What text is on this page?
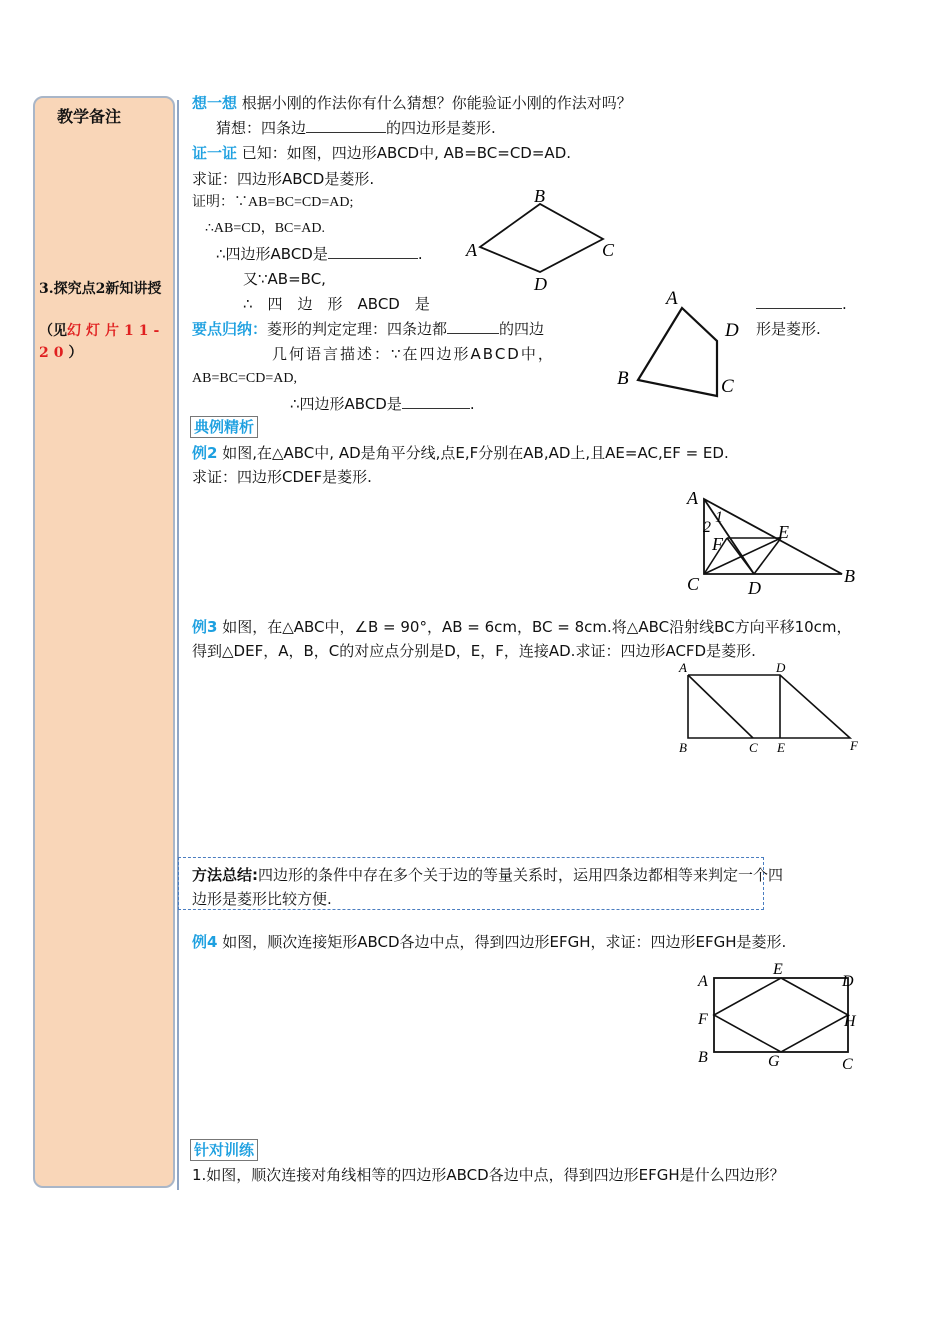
教学备注
3.探究点2新知讲授
（见幻灯片11-20）
想一想 根据小刚的作法你有什么猜想？你能验证小刚的作法对吗？
猜想：四条边	的四边形是菱形.
证一证 已知：如图，四边形ABCD中, AB=BC=CD=AD.
求证：四边形ABCD是菱形.
证明：∵AB=BC=CD=AD;
∴AB=CD，BC=AD.
∴四边形ABCD是	.
又∵AB=BC,
∴　四　边　形　ABCD　是	.
形是菱形.
要点归纳：菱形的判定定理：四条边都	的四边
几何语言描述：∵在四边形ABCD中，
AB=BC=CD=AD,
∴四边形ABCD是	.
B
A	C
D
A
D
B	C
典例精析
例2 如图,在△ABC中, AD是角平分线,点E,F分别在AB,AD上,且AE=AC,EF = ED.
求证：四边形CDEF是菱形.
A
1
2
F
E
C	D
B
例3 如图，在△ABC中，∠B = 90°，AB = 6cm，BC = 8cm.将△ABC沿射线BC方向平移10cm，
得到△DEF，A，B，C的对应点分别是D，E，F，连接AD.求证：四边形ACFD是菱形.
A	D
B	C E	F
方法总结:四边形的条件中存在多个关于边的等量关系时，运用四条边都相等来判定一个四
边形是菱形比较方便.
例4 如图，顺次连接矩形ABCD各边中点，得到四边形EFGH，求证：四边形EFGH是菱形.
A
E
D
F	H
B	G	C
针对训练
1.如图，顺次连接对角线相等的四边形ABCD各边中点，得到四边形EFGH是什么四边形？
